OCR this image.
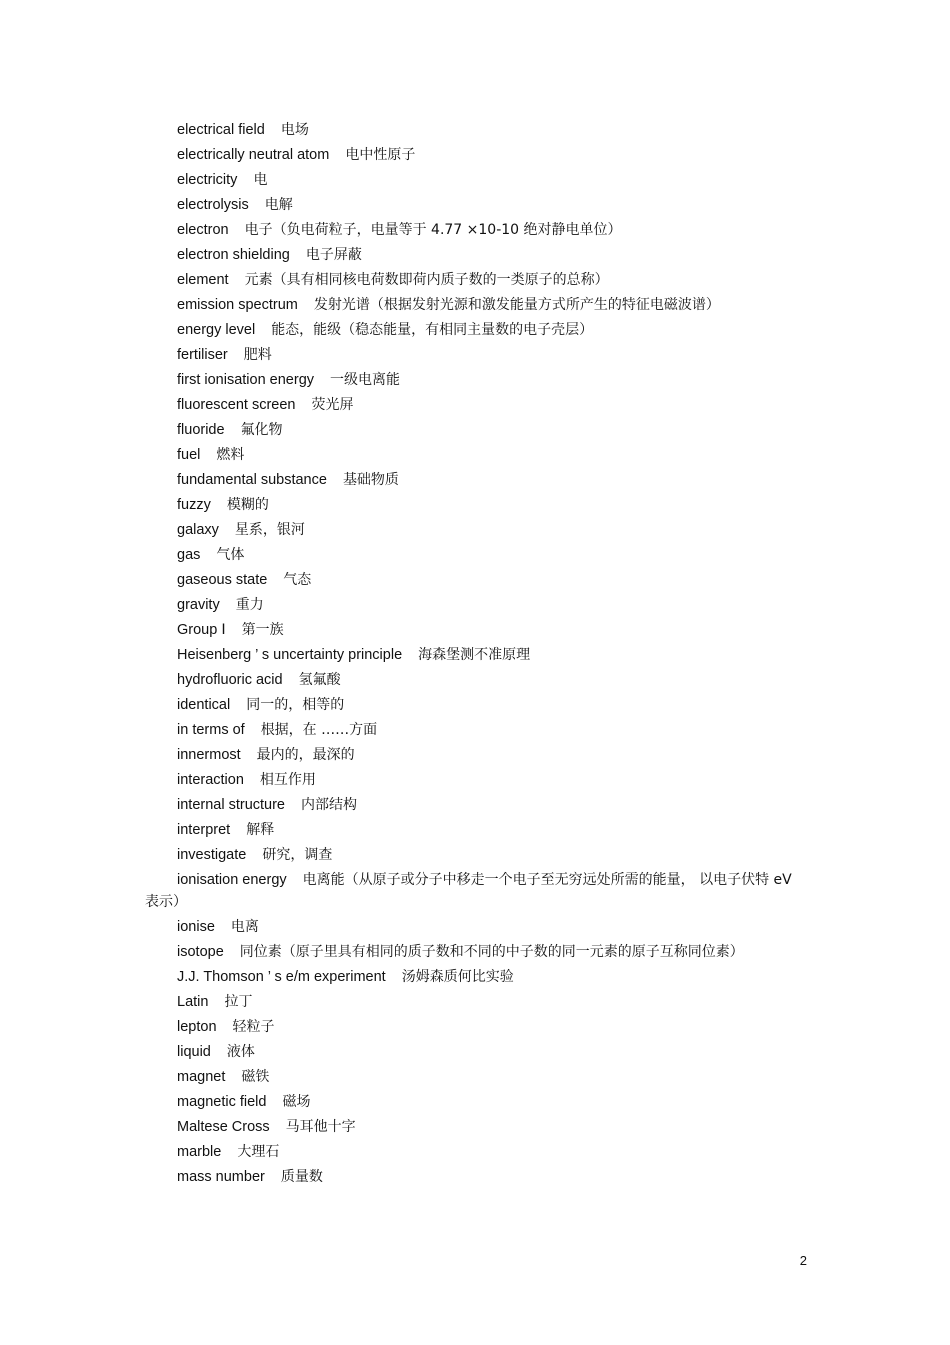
electrical field 电场
electrically neutral atom 电中性原子
electricity 电
electrolysis 电解
electron 电子（负电荷粒子，电量等于 4.77 ×10-10 绝对静电单位）
electron shielding 电子屏蔽
element 元素（具有相同核电荷数即荷内质子数的一类原子的总称）
emission spectrum 发射光谱（根据发射光源和激发能量方式所产生的特征电磁波谱）
energy level 能态，能级（稳态能量，有相同主量数的电子壳层）
fertiliser 肥料
first ionisation energy 一级电离能
fluorescent screen 荧光屏
fluoride 氟化物
fuel 燃料
fundamental substance 基础物质
fuzzy 模糊的
galaxy 星系，银河
gas 气体
gaseous state 气态
gravity 重力
Group Ⅰ 第一族
Heisenberg ’ s uncertainty principle 海森堡测不准原理
hydrofluoric acid 氢氟酸
identical 同一的，相等的
in terms of 根据，在 ……方面
innermost 最内的，最深的
interaction 相互作用
internal structure 内部结构
interpret 解释
investigate 研究，调查
ionisation energy 电离能（从原子或分子中移走一个电子至无穷远处所需的能量， 以电子伏特 eV 表示）
ionise 电离
isotope 同位素（原子里具有相同的质子数和不同的中子数的同一元素的原子互称同位素）
J.J. Thomson ’ s e/m experiment 汤姆森质何比实验
Latin 拉丁
lepton 轻粒子
liquid 液体
magnet 磁铁
magnetic field 磁场
Maltese Cross 马耳他十字
marble 大理石
mass number 质量数
2
